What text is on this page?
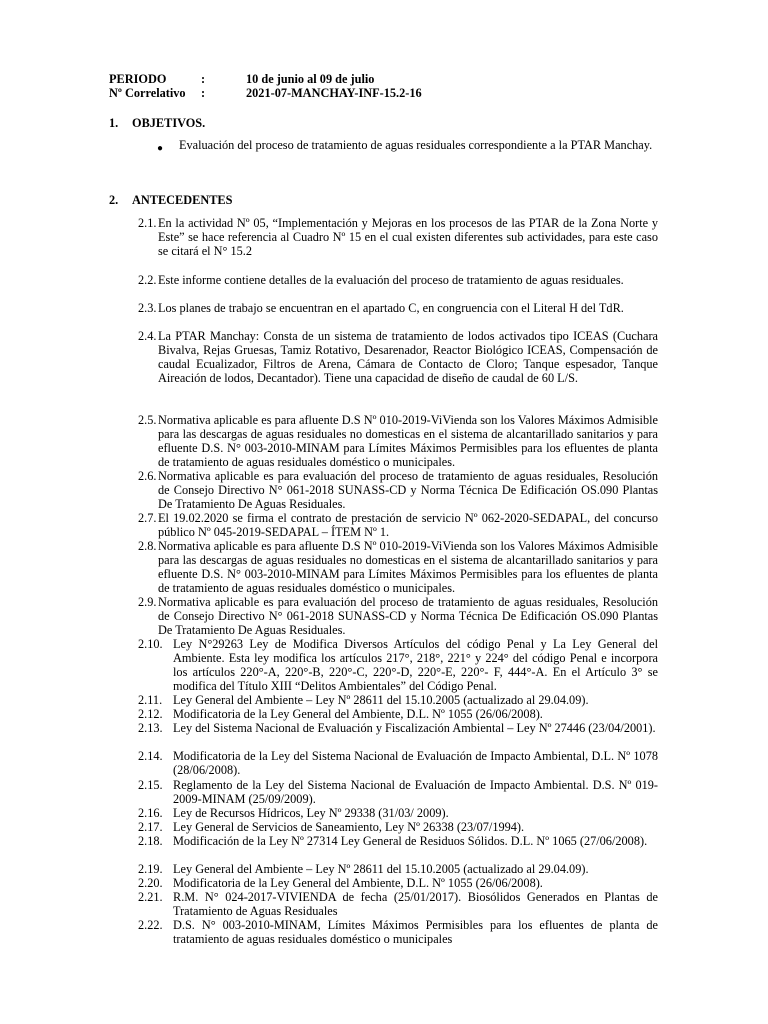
PERIODO	:	10 de junio al 09 de julio
Nº Correlativo :	2021-07-MANCHAY-INF-15.2-16
1. OBJETIVOS.
● Evaluación del proceso de tratamiento de aguas residuales correspondiente a la PTAR Manchay.
2. ANTECEDENTES
2.1. En la actividad Nº 05, “Implementación y Mejoras en los procesos de las PTAR de la Zona Norte y Este” se hace referencia al Cuadro Nº 15 en el cual existen diferentes sub actividades, para este caso se citará el N° 15.2
2.2. Este informe contiene detalles de la evaluación del proceso de tratamiento de aguas residuales.
2.3. Los planes de trabajo se encuentran en el apartado C, en congruencia con el Literal H del TdR.
2.4. La PTAR Manchay: Consta de un sistema de tratamiento de lodos activados tipo ICEAS (Cuchara Bivalva, Rejas Gruesas, Tamiz Rotativo, Desarenador, Reactor Biológico ICEAS, Compensación de caudal Ecualizador, Filtros de Arena, Cámara de Contacto de Cloro; Tanque espesador, Tanque Aireación de lodos, Decantador). Tiene una capacidad de diseño de caudal de 60 L/S.
2.5. Normativa aplicable es para afluente D.S Nº 010-2019-ViVienda son los Valores Máximos Admisible para las descargas de aguas residuales no domesticas en el sistema de alcantarillado sanitarios y para efluente D.S. N° 003-2010-MINAM para Límites Máximos Permisibles para los efluentes de planta de tratamiento de aguas residuales doméstico o municipales.
2.6. Normativa aplicable es para evaluación del proceso de tratamiento de aguas residuales, Resolución de Consejo Directivo N° 061-2018 SUNASS-CD y Norma Técnica De Edificación OS.090 Plantas De Tratamiento De Aguas Residuales.
2.7. El 19.02.2020 se firma el contrato de prestación de servicio Nº 062-2020-SEDAPAL, del concurso público Nº 045-2019-SEDAPAL – ÍTEM Nº 1.
2.8. Normativa aplicable es para afluente D.S Nº 010-2019-ViVienda son los Valores Máximos Admisible para las descargas de aguas residuales no domesticas en el sistema de alcantarillado sanitarios y para efluente D.S. N° 003-2010-MINAM para Límites Máximos Permisibles para los efluentes de planta de tratamiento de aguas residuales doméstico o municipales.
2.9. Normativa aplicable es para evaluación del proceso de tratamiento de aguas residuales, Resolución de Consejo Directivo N° 061-2018 SUNASS-CD y Norma Técnica De Edificación OS.090 Plantas De Tratamiento De Aguas Residuales.
2.10. Ley N°29263 Ley de Modifica Diversos Artículos del código Penal y La Ley General del Ambiente. Esta ley modifica los artículos 217°, 218°, 221° y 224° del código Penal e incorpora los artículos 220°-A, 220°-B, 220°-C, 220°-D, 220°-E, 220°- F, 444°-A. En el Artículo 3° se modifica del Título XIII “Delitos Ambientales” del Código Penal.
2.11. Ley General del Ambiente – Ley Nº 28611 del 15.10.2005 (actualizado al 29.04.09).
2.12. Modificatoria de la Ley General del Ambiente, D.L. Nº 1055 (26/06/2008).
2.13. Ley del Sistema Nacional de Evaluación y Fiscalización Ambiental – Ley Nº 27446 (23/04/2001).
2.14. Modificatoria de la Ley del Sistema Nacional de Evaluación de Impacto Ambiental, D.L. Nº 1078 (28/06/2008).
2.15. Reglamento de la Ley del Sistema Nacional de Evaluación de Impacto Ambiental. D.S. Nº 019-2009-MINAM (25/09/2009).
2.16. Ley de Recursos Hídricos, Ley Nº 29338 (31/03/ 2009).
2.17. Ley General de Servicios de Saneamiento, Ley Nº 26338 (23/07/1994).
2.18. Modificación de la Ley Nº 27314 Ley General de Residuos Sólidos. D.L. Nº 1065 (27/06/2008).
2.19. Ley General del Ambiente – Ley Nº 28611 del 15.10.2005 (actualizado al 29.04.09).
2.20. Modificatoria de la Ley General del Ambiente, D.L. Nº 1055 (26/06/2008).
2.21. R.M. N° 024-2017-VIVIENDA de fecha (25/01/2017). Biosólidos Generados en Plantas de Tratamiento de Aguas Residuales
2.22. D.S. N° 003-2010-MINAM, Límites Máximos Permisibles para los efluentes de planta de tratamiento de aguas residuales doméstico o municipales
